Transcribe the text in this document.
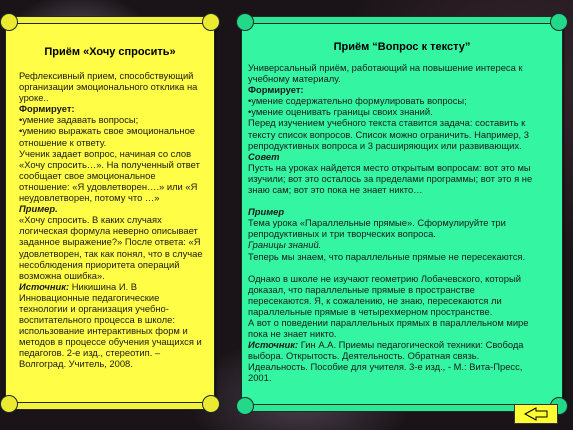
Приём «Хочу спросить»

Рефлексивный прием, способствующий организации эмоционального отклика на уроке..

Формирует:

•умение задавать вопросы;

•умению выражать свое эмоциональное отношение к ответу.

Ученик задает вопрос, начиная со слов «Хочу спросить…». На полученный ответ сообщает свое эмоциональное отношение: «Я удовлетворен….» или «Я неудовлетворен, потому что …»

Пример.

«Хочу спросить. В каких случаях логическая формула неверно описывает заданное выражение?» После ответа: «Я удовлетворен, так как понял, что в случае несоблюдения приоритета операций возможна ошибка».

Источник: Никишина И. В Инновационные педагогические технологии и организация учебно-воспитательного процесса в школе: использование интерактивных форм и методов в процессе обучения учащихся и педагогов. 2-е изд., стереотип. – Волгоград. Учитель, 2008.

Приём “Вопрос к тексту”

Универсальный приём, работающий на повышение интереса к учебному материалу.

Формирует:

•умение содержательно формулировать вопросы;

•умение оценивать границы своих знаний.

Перед изучением учебного текста ставится задача: составить к тексту список вопросов. Список можно ограничить. Например, 3 репродуктивных вопроса и 3 расширяющих или развивающих.

Совет

Пусть на уроках найдется место открытым вопросам: вот это мы изучили; вот это осталось за пределами программы; вот это я не знаю сам; вот это пока не знает никто…

Пример

Тема урока «Параллельные прямые». Сформулируйте три репродуктивных и три творческих вопроса.

Границы знаний.

Теперь мы знаем, что параллельные прямые не пересекаются.

Однако в школе не изучают геометрию Лобачевского, который доказал, что параллельные прямые в пространстве пересекаются. Я, к сожалению, не знаю, пересекаются ли параллельные прямые в четырехмерном пространстве.

А вот о поведении параллельных прямых в параллельном мире пока не знает никто.

Источник: Гин А.А. Приемы педагогической техники: Свобода выбора. Открытость. Деятельность. Обратная связь. Идеальность. Пособие для учителя. 3-е изд., - М.: Вита-Пресс, 2001.
